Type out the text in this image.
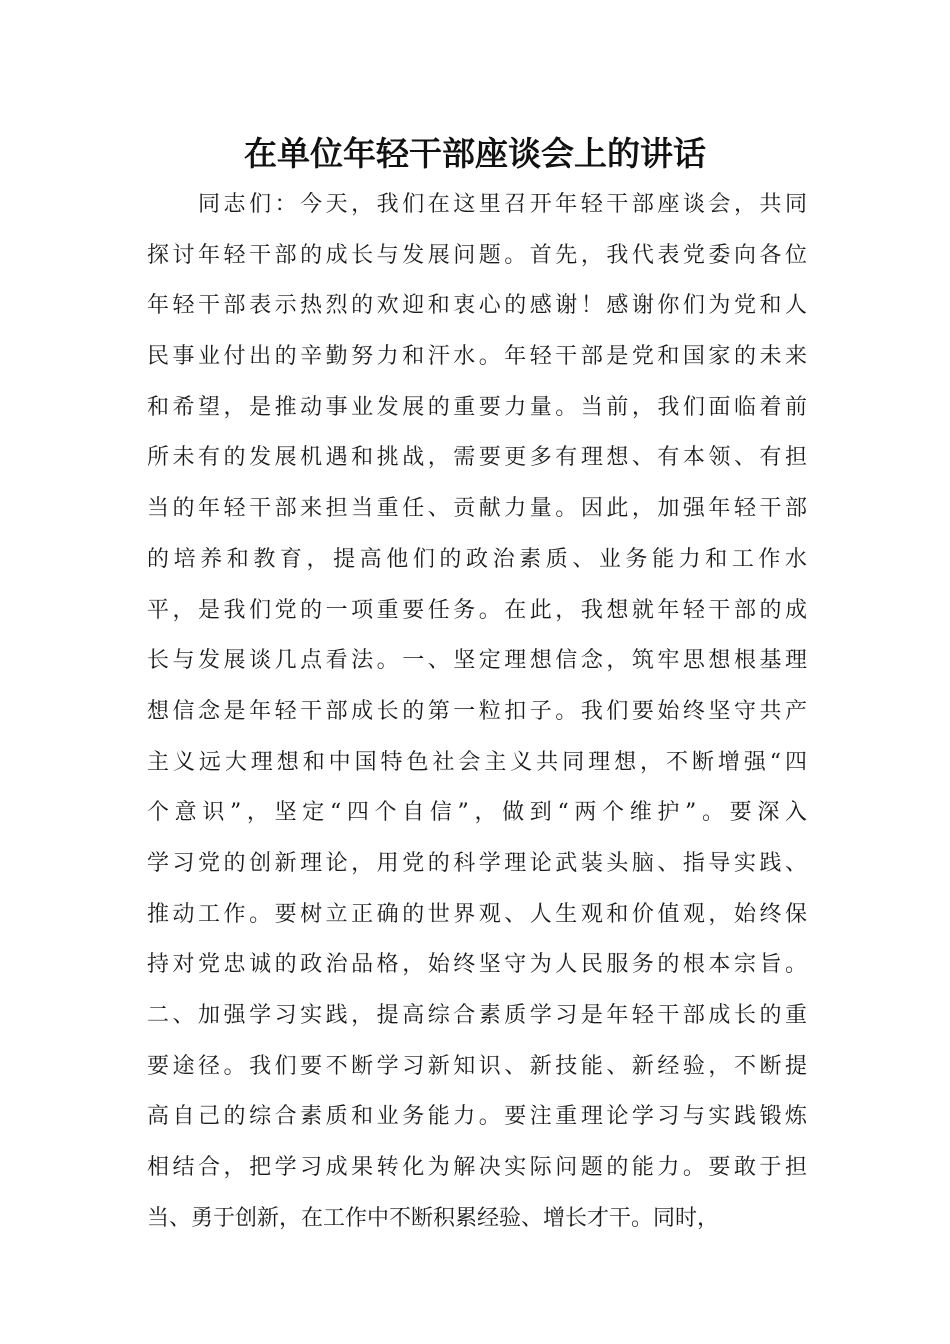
在单位年轻干部座谈会上的讲话
　　同志们：今天，我们在这里召开年轻干部座谈会，共同
探讨年轻干部的成长与发展问题。首先，我代表党委向各位
年轻干部表示热烈的欢迎和衷心的感谢！感谢你们为党和人
民事业付出的辛勤努力和汗水。年轻干部是党和国家的未来
和希望，是推动事业发展的重要力量。当前，我们面临着前
所未有的发展机遇和挑战，需要更多有理想、有本领、有担
当的年轻干部来担当重任、贡献力量。因此，加强年轻干部
的培养和教育，提高他们的政治素质、业务能力和工作水
平，是我们党的一项重要任务。在此，我想就年轻干部的成
长与发展谈几点看法。一、坚定理想信念，筑牢思想根基理
想信念是年轻干部成长的第一粒扣子。我们要始终坚守共产
主义远大理想和中国特色社会主义共同理想，不断增强“四
个意识”，坚定“四个自信”，做到“两个维护”。要深入
学习党的创新理论，用党的科学理论武装头脑、指导实践、
推动工作。要树立正确的世界观、人生观和价值观，始终保
持对党忠诚的政治品格，始终坚守为人民服务的根本宗旨。
二、加强学习实践，提高综合素质学习是年轻干部成长的重
要途径。我们要不断学习新知识、新技能、新经验，不断提
高自己的综合素质和业务能力。要注重理论学习与实践锻炼
相结合，把学习成果转化为解决实际问题的能力。要敢于担
当、勇于创新，在工作中不断积累经验、增长才干。同时，
